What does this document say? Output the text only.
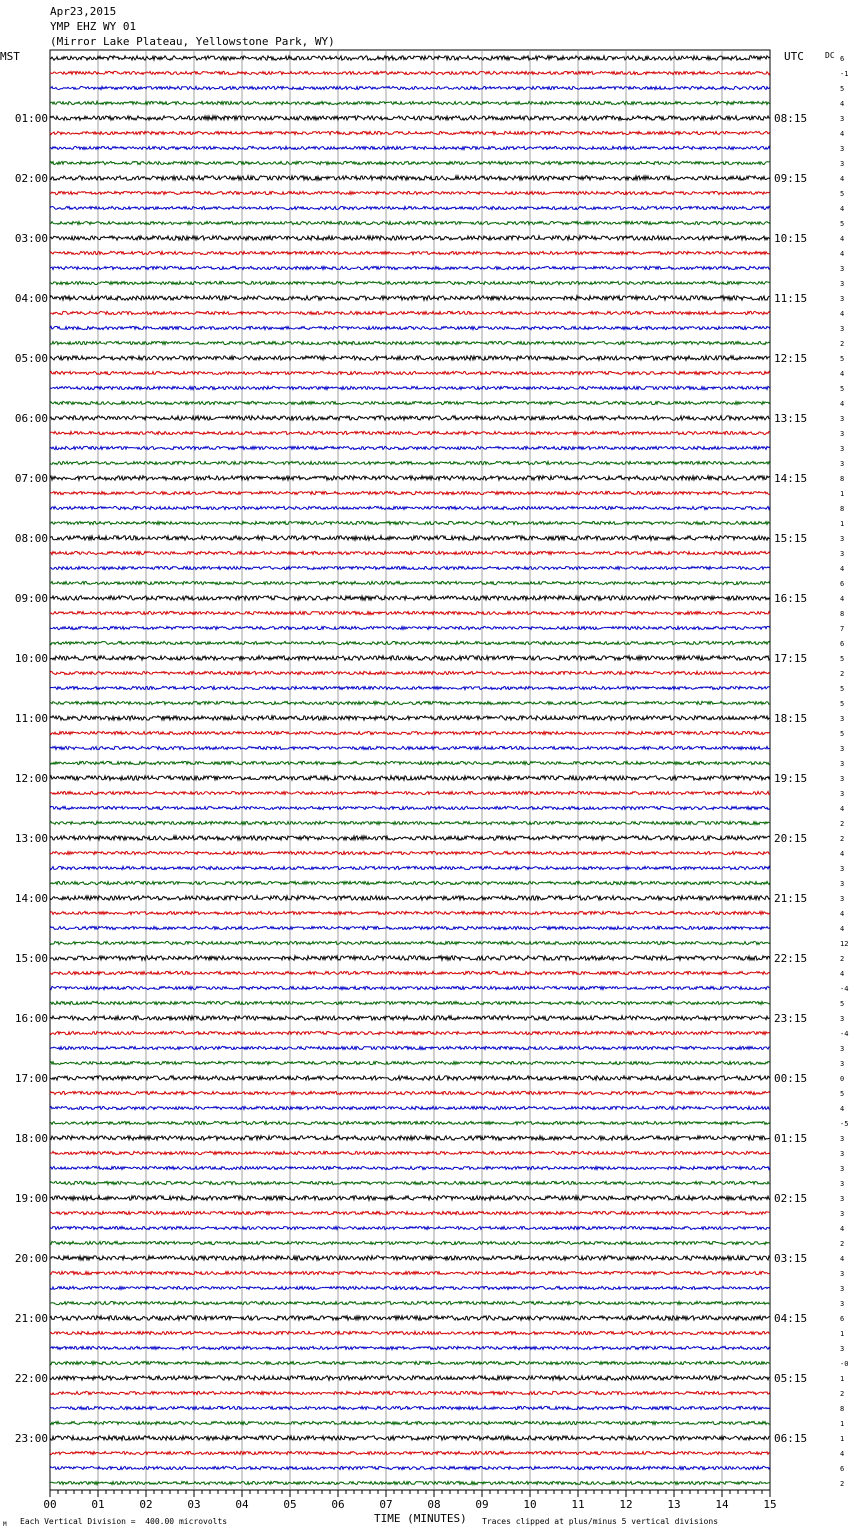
Apr23,2015
YMP EHZ WY 01
(Mirror Lake Plateau, Yellowstone Park, WY)
MST	UTC	DC 6
-1
5
4
3
4
3
3
4
5
4
5
4
4
3
3
3
4
3
2
5
4
5
4
3
3
3
3
8
1
8
1
3
3
4
6
4
8
7
6
5
2
5
5
3
5
3
3
3
3
4
2
2
4
3
3
3
4
4
12
2
4
-4
5
3
-4
3
3
0
5
4
-5
3
3
3
3
3
3
4
2
4
3
3
3
6
1
3
-0
1
2
8
1
1
4
6
2
01:00
02:00
03:00
04:00
05:00
06:00
07:00
08:00
09:00
10:00
11:00
12:00
13:00
14:00
15:00
16:00
17:00
18:00
19:00
20:00
21:00
22:00
23:00
08:15
09:15
10:15
11:15
12:15
13:15
14:15
15:15
16:15
17:15
18:15
19:15
20:15
21:15
22:15
23:15
00:15
01:15
02:15
03:15
04:15
05:15
06:15
00	01	02	03	04	05	06	07	08	09	10	11	12	13	14	15
Each Vertical Division =  400.00 microvolts	TIME (MINUTES) Traces clipped at plus/minus 5 vertical divisions
M
